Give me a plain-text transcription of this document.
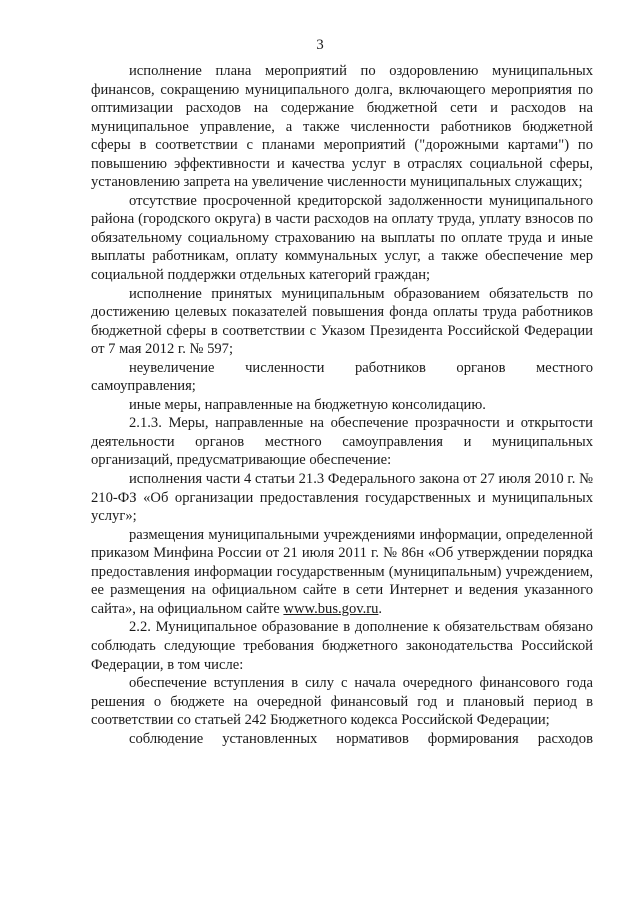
3

исполнение плана мероприятий по оздоровлению муниципальных финансов, сокращению муниципального долга, включающего мероприятия по оптимизации расходов на содержание бюджетной сети и расходов на муниципальное управление, а также численности работников бюджетной сферы в соответствии с планами мероприятий ("дорожными картами") по повышению эффективности и качества услуг в отраслях социальной сферы, установлению запрета на увеличение численности муниципальных служащих;

отсутствие просроченной кредиторской задолженности муниципального района (городского округа) в части расходов на оплату труда, уплату взносов по обязательному социальному страхованию на выплаты по оплате труда и иные выплаты работникам, оплату коммунальных услуг, а также обеспечение мер социальной поддержки отдельных категорий граждан;

исполнение принятых муниципальным образованием обязательств по достижению целевых показателей повышения фонда оплаты труда работников бюджетной сферы в соответствии с Указом Президента Российской Федерации от 7 мая 2012 г. № 597;

неувеличение численности работников органов местного самоуправления;

иные меры, направленные на бюджетную консолидацию.

2.1.3. Меры, направленные на обеспечение прозрачности и открытости деятельности органов местного самоуправления и муниципальных организаций, предусматривающие обеспечение:

исполнения части 4 статьи 21.3 Федерального закона от 27 июля 2010 г. № 210-ФЗ «Об организации предоставления государственных и муниципальных услуг»;

размещения муниципальными учреждениями информации, определенной приказом Минфина России от 21 июля 2011 г. № 86н «Об утверждении порядка предоставления информации государственным (муниципальным) учреждением, ее размещения на официальном сайте в сети Интернет и ведения указанного сайта», на официальном сайте www.bus.gov.ru.

2.2. Муниципальное образование в дополнение к обязательствам обязано соблюдать следующие требования бюджетного законодательства Российской Федерации, в том числе:

обеспечение вступления в силу с начала очередного финансового года решения о бюджете на очередной финансовый год и плановый период в соответствии со статьей 242 Бюджетного кодекса Российской Федерации;

соблюдение установленных нормативов формирования расходов
